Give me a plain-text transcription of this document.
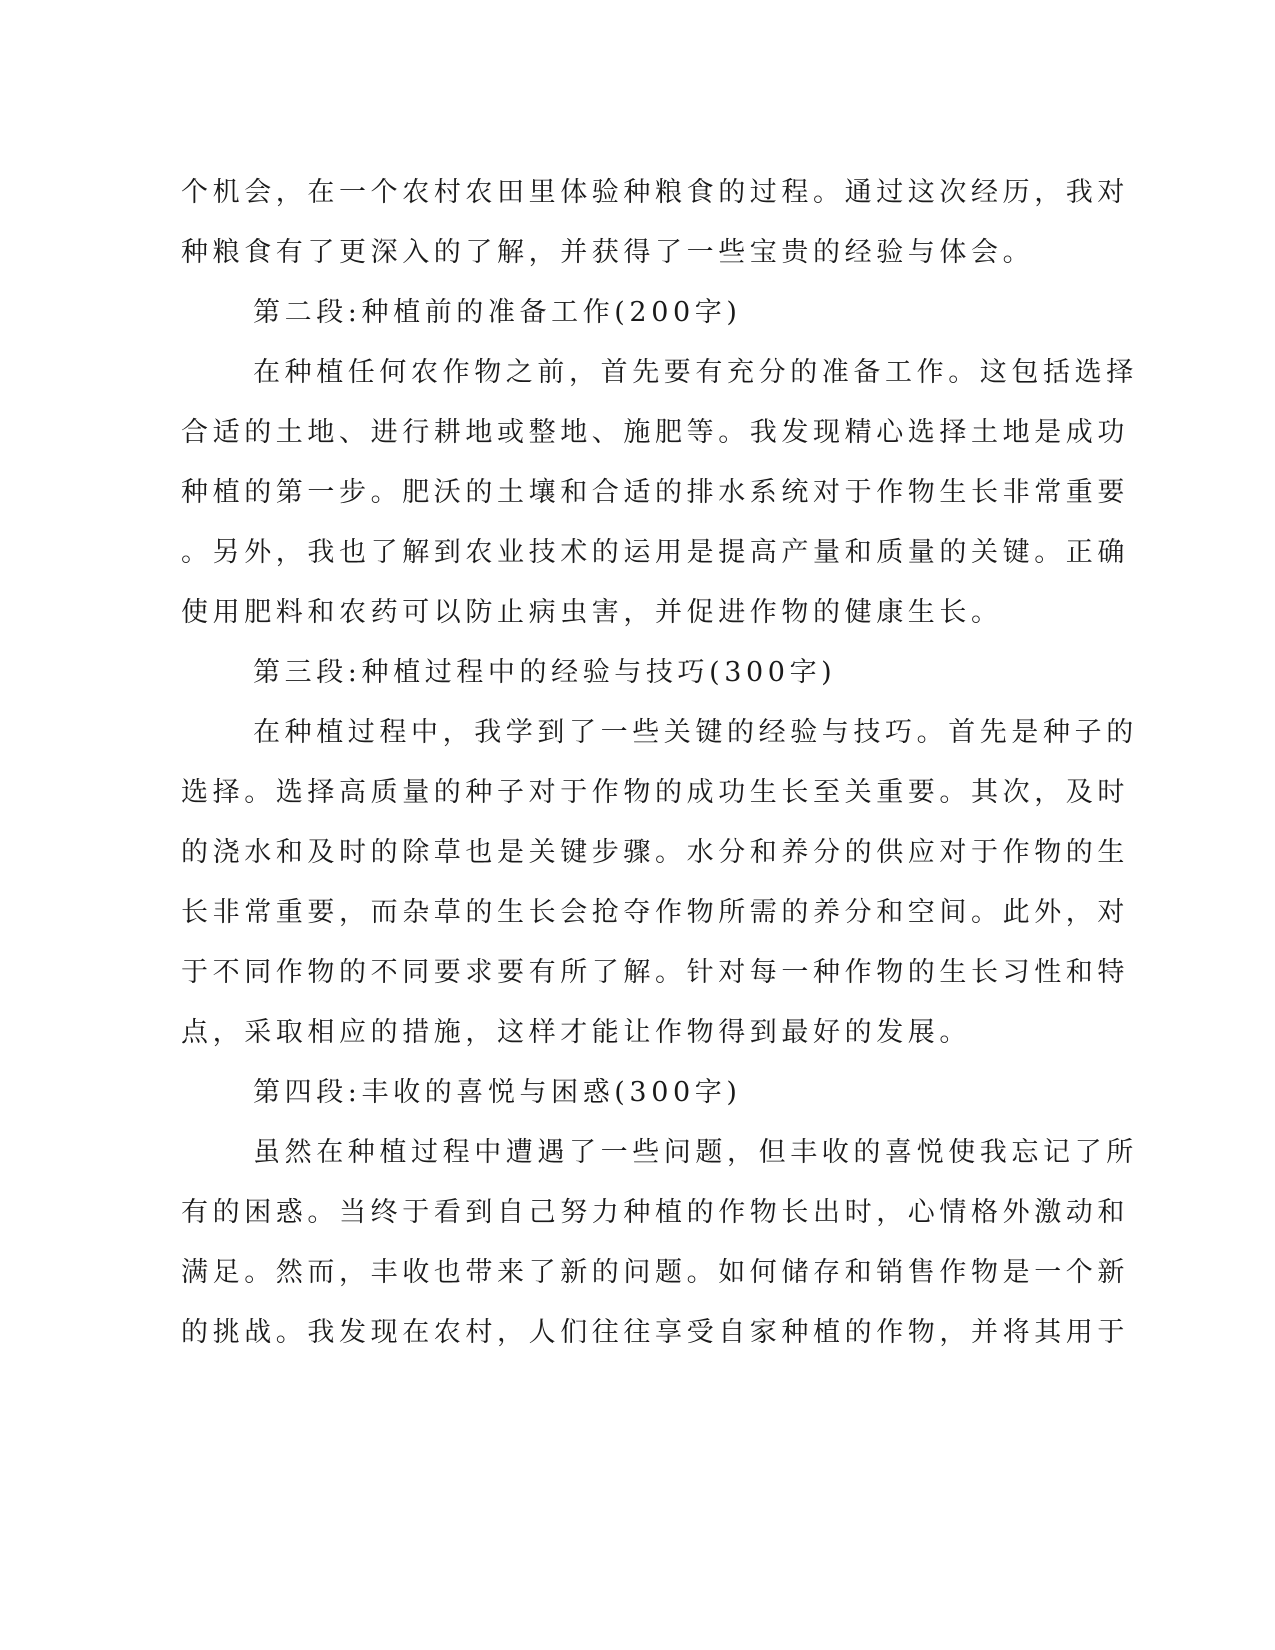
个机会，在一个农村农田里体验种粮食的过程。通过这次经历，我对
种粮食有了更深入的了解，并获得了一些宝贵的经验与体会。
第二段:种植前的准备工作(200字)
在种植任何农作物之前，首先要有充分的准备工作。这包括选择
合适的土地、进行耕地或整地、施肥等。我发现精心选择土地是成功
种植的第一步。肥沃的土壤和合适的排水系统对于作物生长非常重要
。另外，我也了解到农业技术的运用是提高产量和质量的关键。正确
使用肥料和农药可以防止病虫害，并促进作物的健康生长。
第三段:种植过程中的经验与技巧(300字)
在种植过程中，我学到了一些关键的经验与技巧。首先是种子的
选择。选择高质量的种子对于作物的成功生长至关重要。其次，及时
的浇水和及时的除草也是关键步骤。水分和养分的供应对于作物的生
长非常重要，而杂草的生长会抢夺作物所需的养分和空间。此外，对
于不同作物的不同要求要有所了解。针对每一种作物的生长习性和特
点，采取相应的措施，这样才能让作物得到最好的发展。
第四段:丰收的喜悦与困惑(300字)
虽然在种植过程中遭遇了一些问题，但丰收的喜悦使我忘记了所
有的困惑。当终于看到自己努力种植的作物长出时，心情格外激动和
满足。然而，丰收也带来了新的问题。如何储存和销售作物是一个新
的挑战。我发现在农村，人们往往享受自家种植的作物，并将其用于
